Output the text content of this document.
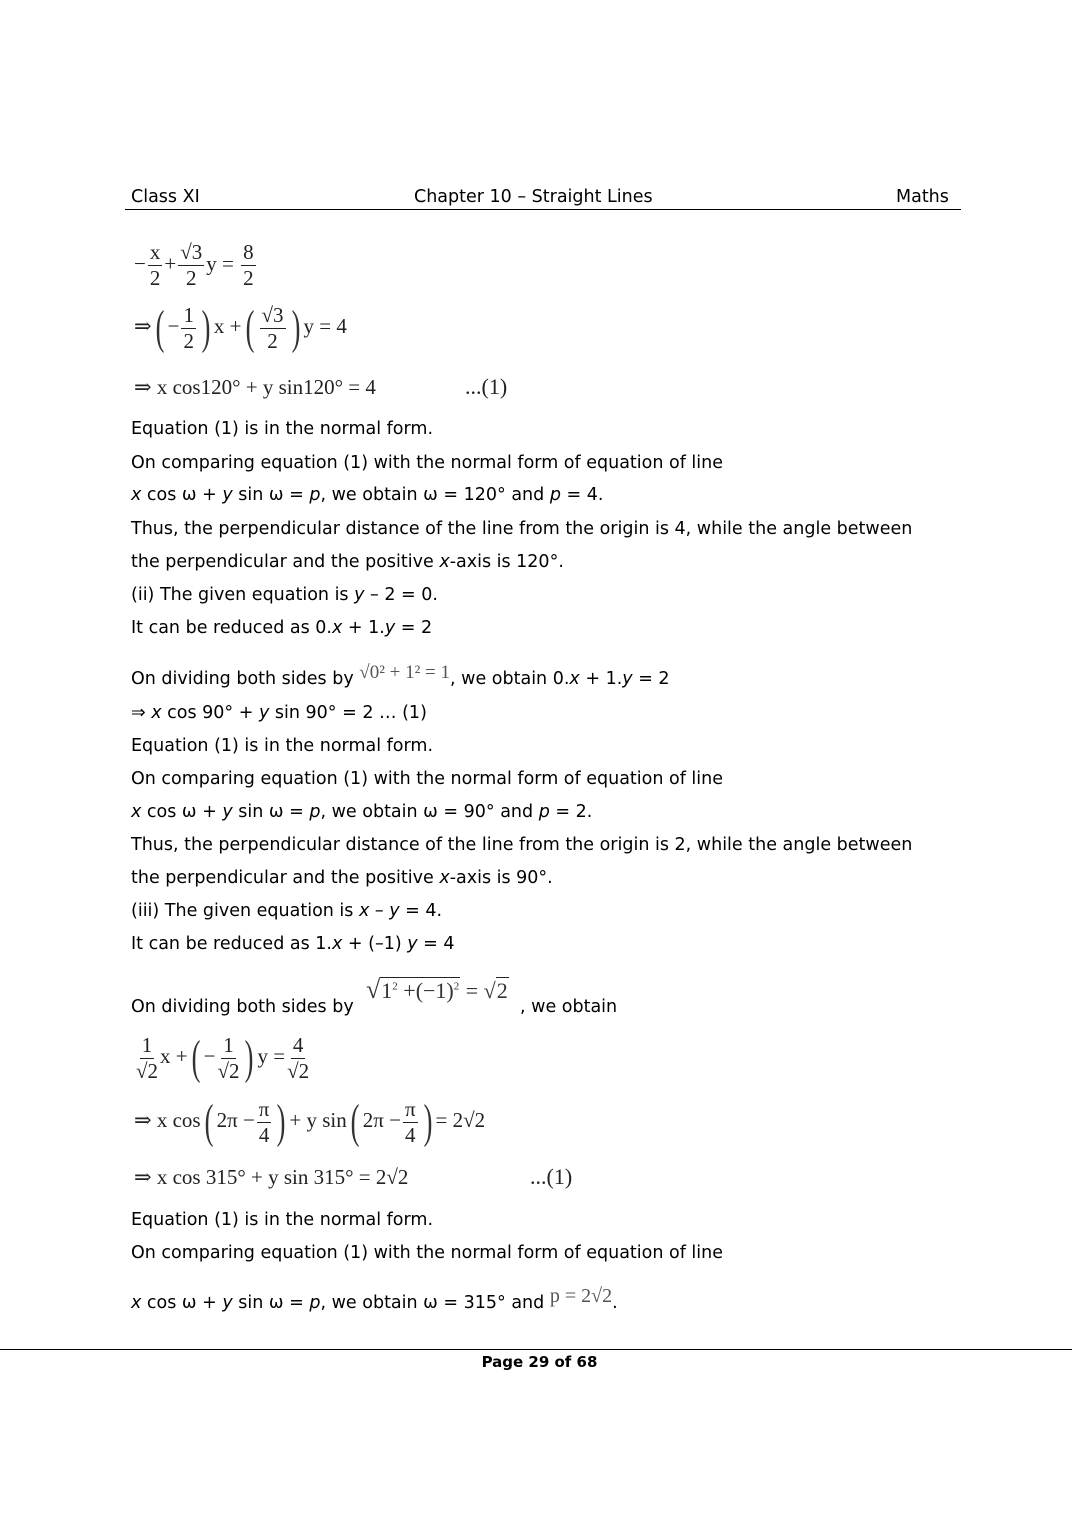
Class XI	Chapter 10 – Straight Lines	Maths
− $\frac{x}{2} + \frac{√3}{2}$ $y = \frac{8}{2}$
⇒( − $\frac{1}{2}$ ) x +( $\frac{√3}{2}$ ) y = 4
⇒ x cos120° + y sin120° = 4	...(1)
Equation (1) is in the normal form.
On comparing equation (1) with the normal form of equation of line
x cos ω + y sin ω = p, we obtain ω = 120° and p = 4.
Thus, the perpendicular distance of the line from the origin is 4, while the angle between
the perpendicular and the positive x-axis is 120°.
(ii) The given equation is y – 2 = 0.
It can be reduced as 0.x + 1.y = 2
On dividing both sides by √0² + 1² = 1, we obtain 0.x + 1.y = 2
⇒ x cos 90° + y sin 90° = 2 … (1)
Equation (1) is in the normal form.
On comparing equation (1) with the normal form of equation of line
x cos ω + y sin ω = p, we obtain ω = 90° and p = 2.
Thus, the perpendicular distance of the line from the origin is 2, while the angle between
the perpendicular and the positive x-axis is 90°.
(iii) The given equation is x – y = 4.
It can be reduced as 1.x + (–1) y = 4
On dividing both sides by
$√1^2 +(-1)^2 = √2$
, we obtain
$\frac{1}{√2}$ x +( − $\frac{1}{√2}$ ) $y = \frac{4}{√2}$
⇒ x cos( $2\pi - \frac{\pi}{4}$ ) + y sin( $2\pi - \frac{\pi}{4}$ ) = 2√2
⇒ x cos 315° + y sin 315° = 2√2	...(1)
Equation (1) is in the normal form.
On comparing equation (1) with the normal form of equation of line
x cos ω + y sin ω = p, we obtain ω = 315° and p = 2√2.
Page 29 of 68
